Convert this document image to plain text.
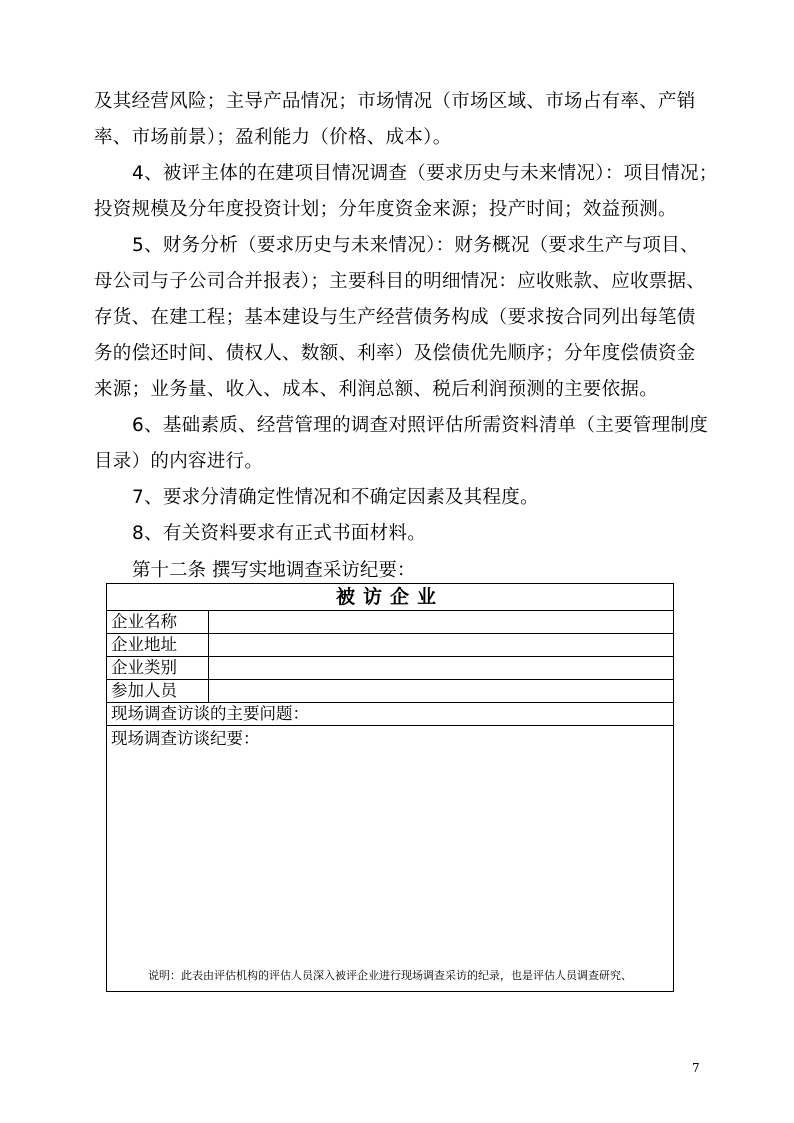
及其经营风险；主导产品情况；市场情况（市场区域、市场占有率、产销

率、市场前景）；盈利能力（价格、成本）。

4、被评主体的在建项目情况调查（要求历史与未来情况）：项目情况；

投资规模及分年度投资计划；分年度资金来源；投产时间；效益预测。

5、财务分析（要求历史与未来情况）：财务概况（要求生产与项目、

母公司与子公司合并报表）；主要科目的明细情况：应收账款、应收票据、

存货、在建工程；基本建设与生产经营债务构成（要求按合同列出每笔债

务的偿还时间、债权人、数额、利率）及偿债优先顺序；分年度偿债资金

来源；业务量、收入、成本、利润总额、税后利润预测的主要依据。

6、基础素质、经营管理的调查对照评估所需资料清单（主要管理制度

目录）的内容进行。

7、要求分清确定性情况和不确定因素及其程度。

8、有关资料要求有正式书面材料。

第十二条 撰写实地调查采访纪要：
被访企业	
企业名称	
企业地址	
企业类别	
参加人员	
现场调查访谈的主要问题：	

现场调查访谈纪要：
说明：此表由评估机构的评估人员深入被评企业进行现场调查采访的纪录，也是评估人员调查研究、	
7
